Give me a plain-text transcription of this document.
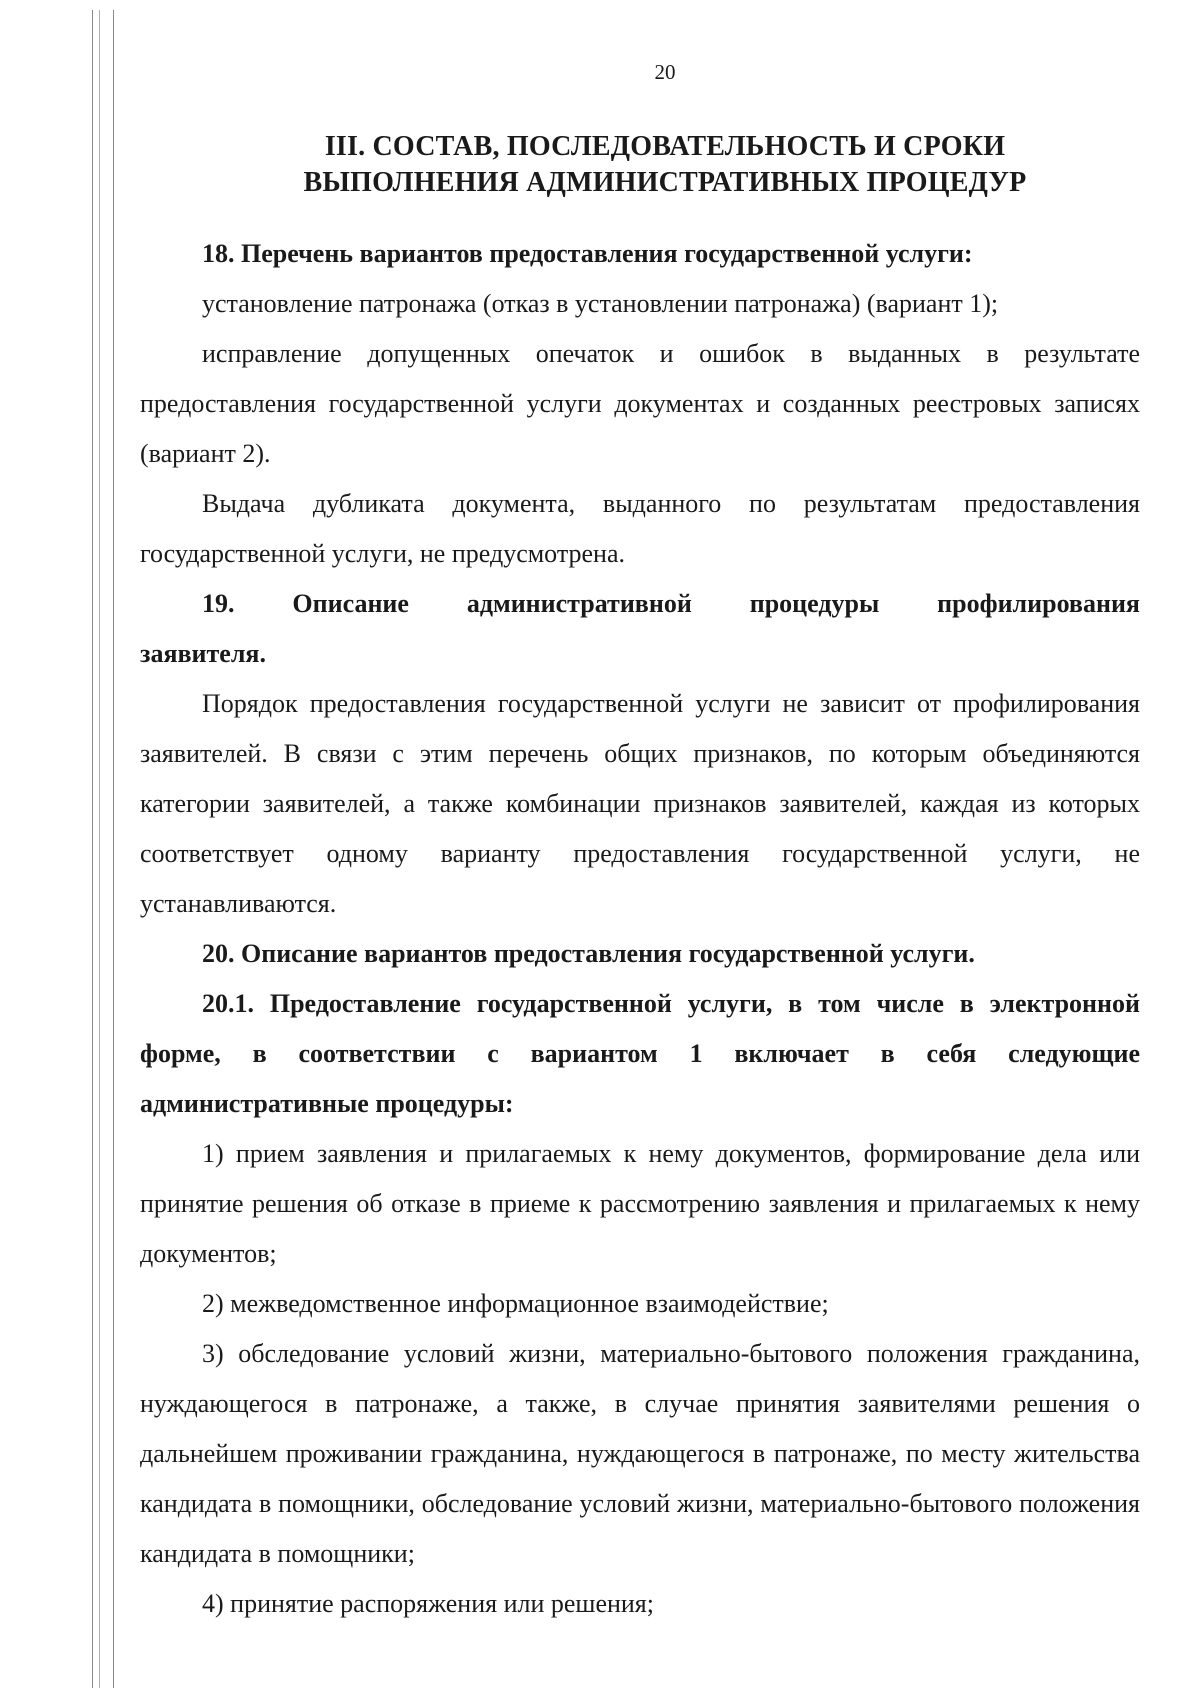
20
III. СОСТАВ, ПОСЛЕДОВАТЕЛЬНОСТЬ И СРОКИ
ВЫПОЛНЕНИЯ АДМИНИСТРАТИВНЫХ ПРОЦЕДУР

18. Перечень вариантов предоставления государственной услуги:

установление патронажа (отказ в установлении патронажа) (вариант 1);

исправление допущенных опечаток и ошибок в выданных в результате предоставления государственной услуги документах и созданных реестровых записях (вариант 2).

Выдача дубликата документа, выданного по результатам предоставления государственной услуги, не предусмотрена.

19. Описание административной процедуры профилирования

заявителя.

Порядок предоставления государственной услуги не зависит от профилирования заявителей. В связи с этим перечень общих признаков, по которым объединяются категории заявителей, а также комбинации признаков заявителей, каждая из которых соответствует одному варианту предоставления государственной услуги, не устанавливаются.

20. Описание вариантов предоставления государственной услуги.

20.1. Предоставление государственной услуги, в том числе в электронной форме, в соответствии с вариантом 1 включает в себя следующие административные процедуры:

1) прием заявления и прилагаемых к нему документов, формирование дела или принятие решения об отказе в приеме к рассмотрению заявления и прилагаемых к нему документов;

2) межведомственное информационное взаимодействие;

3) обследование условий жизни, материально-бытового положения гражданина, нуждающегося в патронаже, а также, в случае принятия заявителями решения о дальнейшем проживании гражданина, нуждающегося в патронаже, по месту жительства кандидата в помощники, обследование условий жизни, материально-бытового положения кандидата в помощники;

4) принятие распоряжения или решения;
